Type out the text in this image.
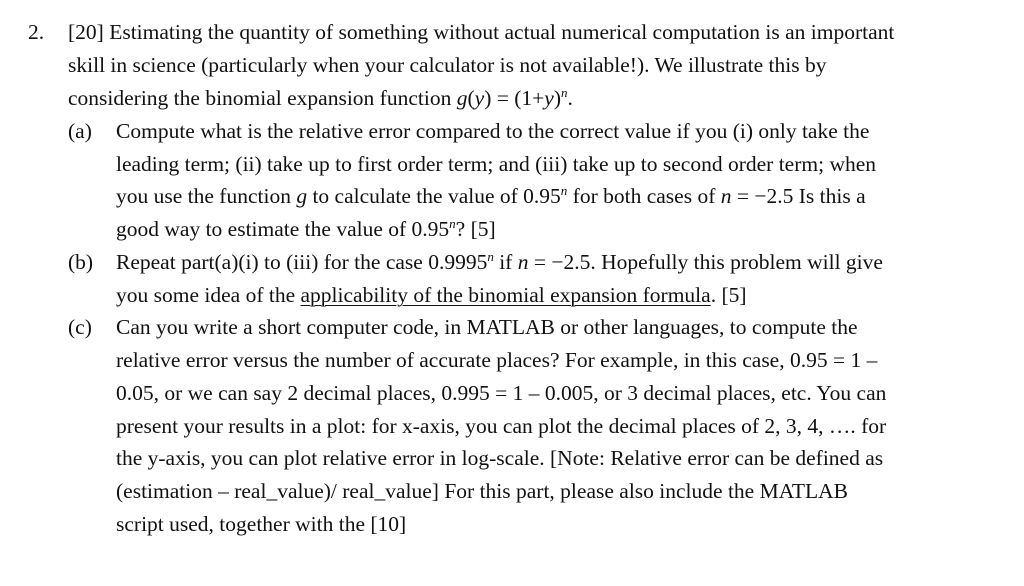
2. [20] Estimating the quantity of something without actual numerical computation is an important
skill in science (particularly when your calculator is not available!). We illustrate this by
considering the binomial expansion function $g(y) = (1+y)^n$.
(a) Compute what is the relative error compared to the correct value if you (i) only take the
leading term; (ii) take up to first order term; and (iii) take up to second order term; when
you use the function g to calculate the value of 0.95$^n$ for both cases of n = −2.5 Is this a
good way to estimate the value of 0.95$^n$? [5]
(b) Repeat part(a)(i) to (iii) for the case 0.9995$^n$ if n = −2.5. Hopefully this problem will give
you some idea of the applicability of the binomial expansion formula. [5]
(c) Can you write a short computer code, in MATLAB or other languages, to compute the
relative error versus the number of accurate places? For example, in this case, 0.95 = 1 –
0.05, or we can say 2 decimal places, 0.995 = 1 – 0.005, or 3 decimal places, etc. You can
present your results in a plot: for x-axis, you can plot the decimal places of 2, 3, 4, …. for
the y-axis, you can plot relative error in log-scale. [Note: Relative error can be defined as
(estimation – real_value)/ real_value] For this part, please also include the MATLAB
script used, together with the [10]
